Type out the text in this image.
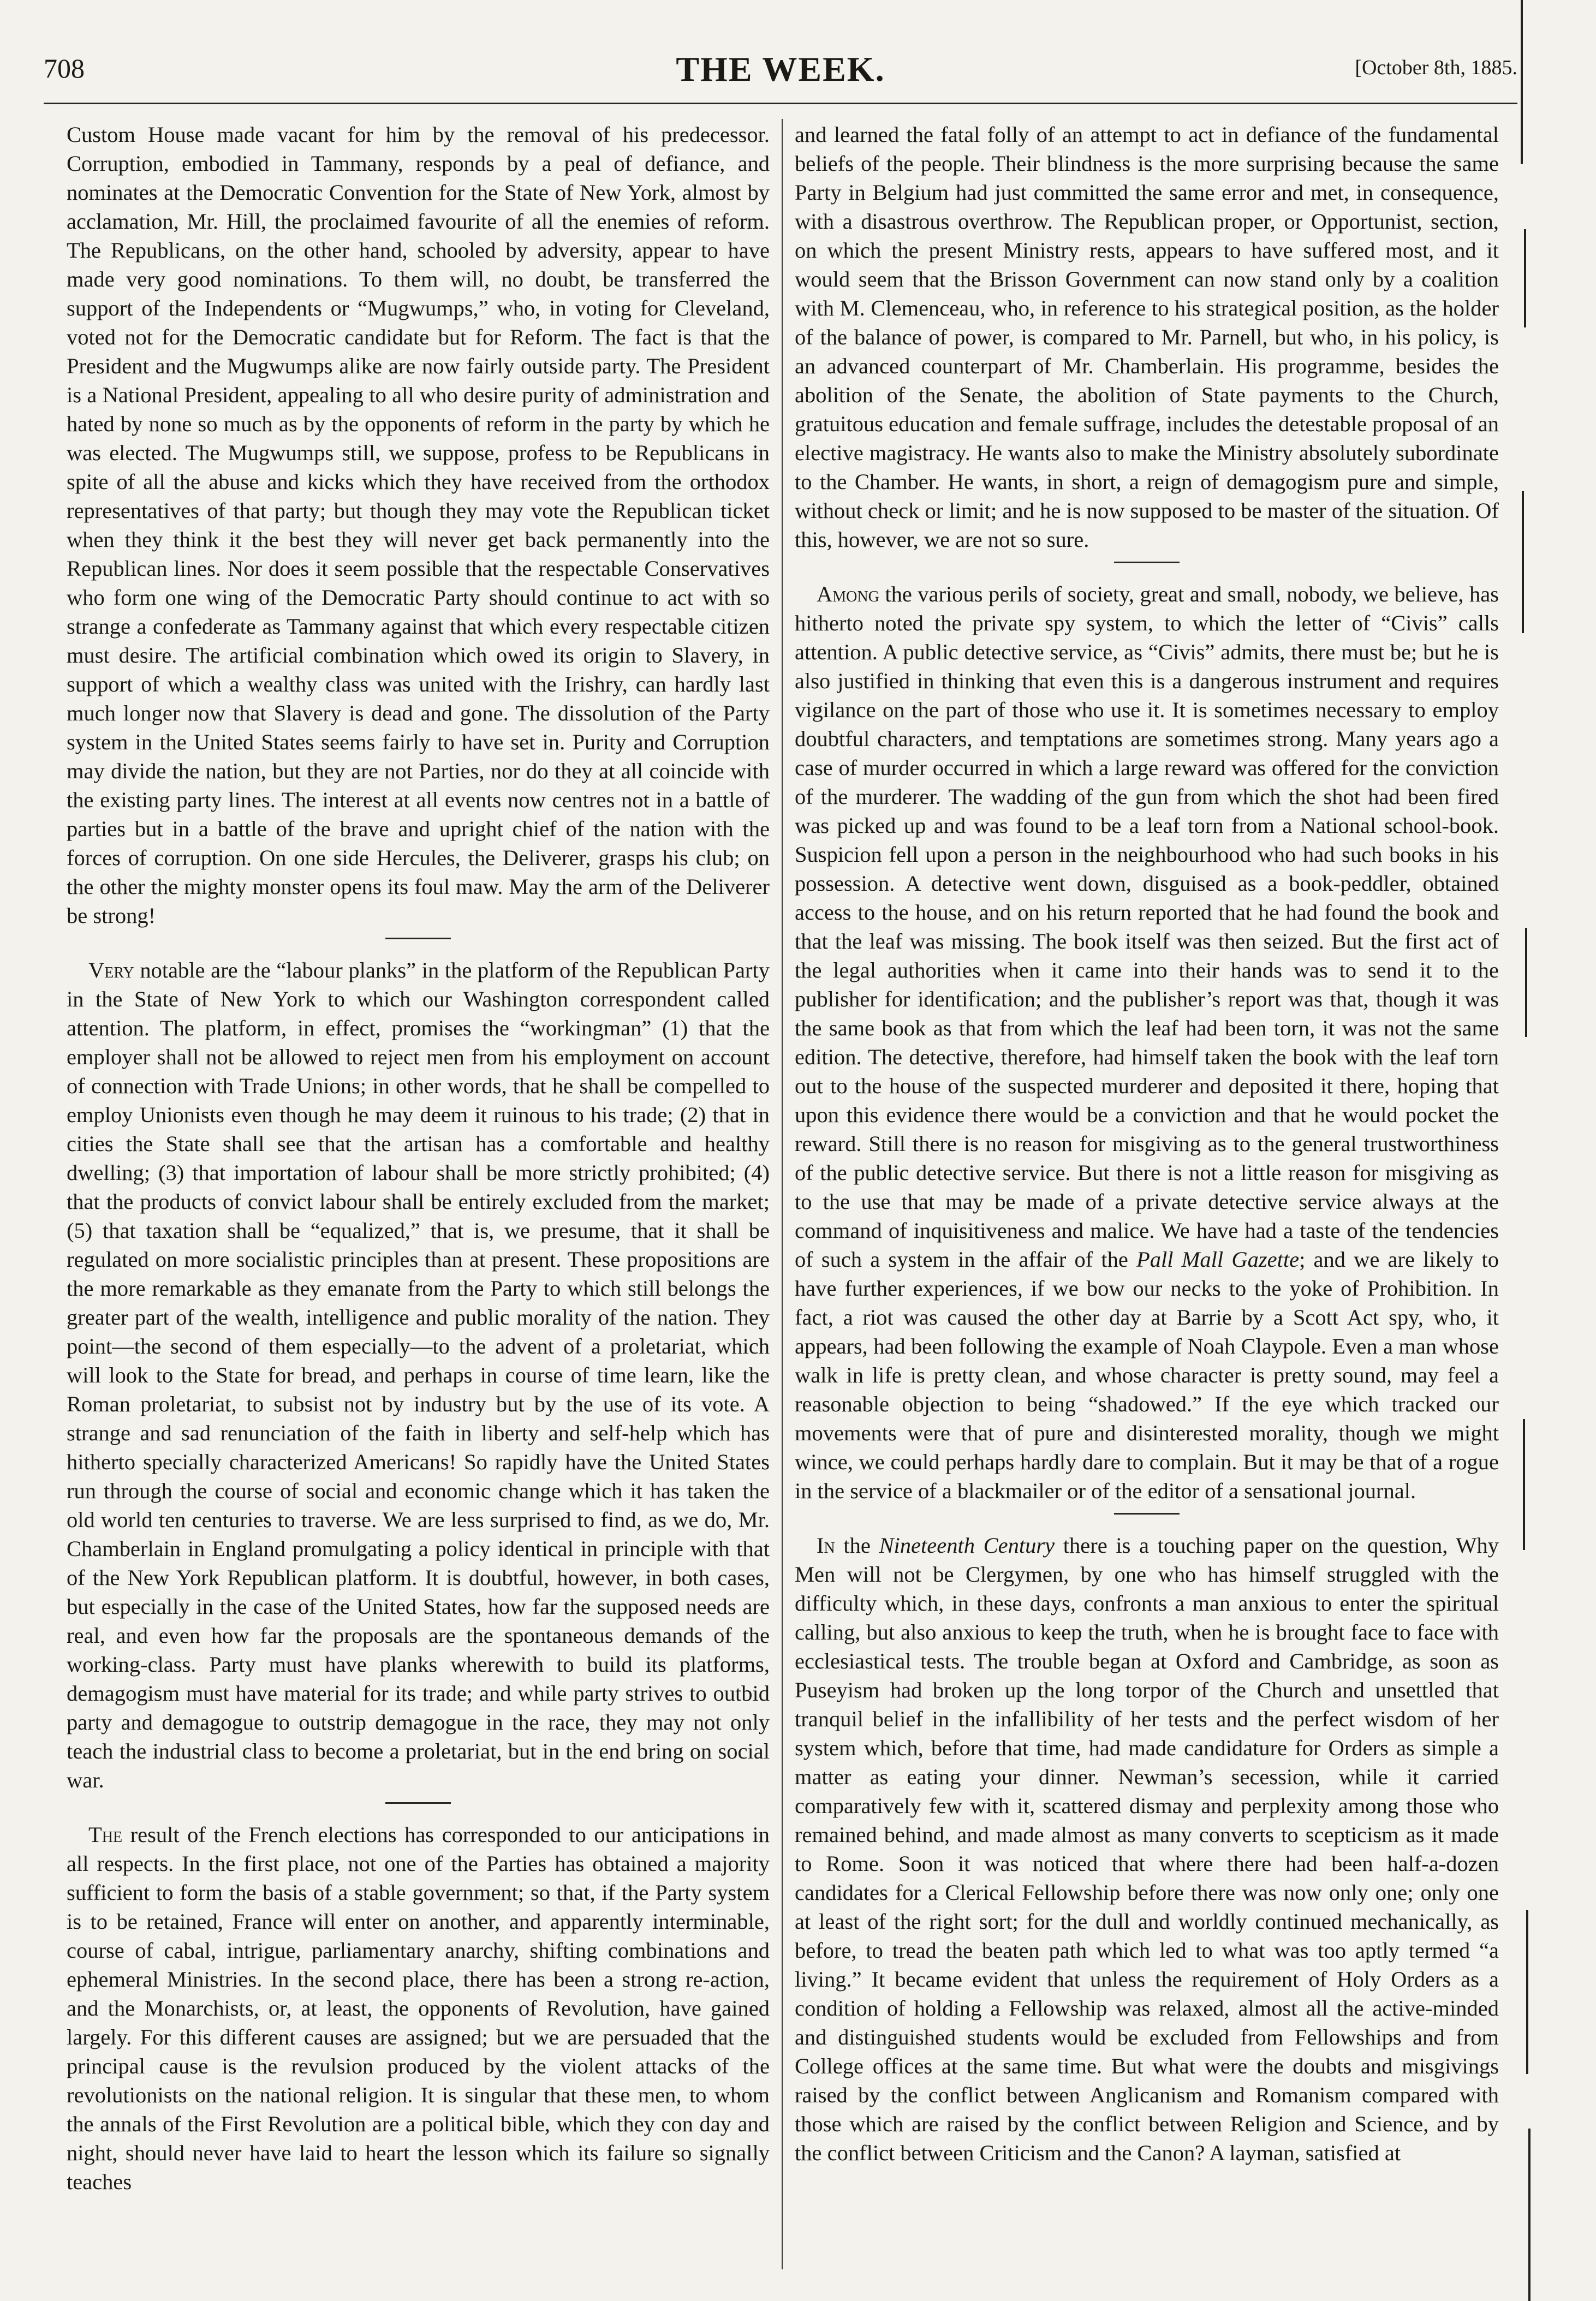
708	THE WEEK.	[October 8th, 1885.

Custom House made vacant for him by the removal of his predecessor. Corruption, embodied in Tammany, responds by a peal of defiance, and nominates at the Democratic Convention for the State of New York, almost by acclamation, Mr. Hill, the proclaimed favourite of all the enemies of reform. The Republicans, on the other hand, schooled by adversity, appear to have made very good nominations. To them will, no doubt, be transferred the support of the Independents or “Mugwumps,” who, in voting for Cleveland, voted not for the Democratic candidate but for Reform. The fact is that the President and the Mugwumps alike are now fairly outside party. The President is a National President, appealing to all who desire purity of administration and hated by none so much as by the opponents of reform in the party by which he was elected. The Mugwumps still, we suppose, profess to be Republicans in spite of all the abuse and kicks which they have received from the orthodox representatives of that party; but though they may vote the Republican ticket when they think it the best they will never get back permanently into the Republican lines. Nor does it seem possible that the respectable Conservatives who form one wing of the Democratic Party should continue to act with so strange a confederate as Tammany against that which every respectable citizen must desire. The artificial combination which owed its origin to Slavery, in support of which a wealthy class was united with the Irishry, can hardly last much longer now that Slavery is dead and gone. The dissolution of the Party system in the United States seems fairly to have set in. Purity and Corruption may divide the nation, but they are not Parties, nor do they at all coincide with the existing party lines. The interest at all events now centres not in a battle of parties but in a battle of the brave and upright chief of the nation with the forces of corruption. On one side Hercules, the Deliverer, grasps his club; on the other the mighty monster opens its foul maw. May the arm of the Deliverer be strong!

Very notable are the “labour planks” in the platform of the Republican Party in the State of New York to which our Washington correspondent called attention. The platform, in effect, promises the “workingman” (1) that the employer shall not be allowed to reject men from his employment on account of connection with Trade Unions; in other words, that he shall be compelled to employ Unionists even though he may deem it ruinous to his trade; (2) that in cities the State shall see that the artisan has a comfortable and healthy dwelling; (3) that importation of labour shall be more strictly prohibited; (4) that the products of convict labour shall be entirely excluded from the market; (5) that taxation shall be “equalized,” that is, we presume, that it shall be regulated on more socialistic principles than at present. These propositions are the more remarkable as they emanate from the Party to which still belongs the greater part of the wealth, intelligence and public morality of the nation. They point—the second of them especially—to the advent of a proletariat, which will look to the State for bread, and perhaps in course of time learn, like the Roman proletariat, to subsist not by industry but by the use of its vote. A strange and sad renunciation of the faith in liberty and self-help which has hitherto specially characterized Americans! So rapidly have the United States run through the course of social and economic change which it has taken the old world ten centuries to traverse. We are less surprised to find, as we do, Mr. Chamberlain in England promulgating a policy identical in principle with that of the New York Republican platform. It is doubtful, however, in both cases, but especially in the case of the United States, how far the supposed needs are real, and even how far the proposals are the spontaneous demands of the working-class. Party must have planks wherewith to build its platforms, demagogism must have material for its trade; and while party strives to outbid party and demagogue to outstrip demagogue in the race, they may not only teach the industrial class to become a proletariat, but in the end bring on social war.

The result of the French elections has corresponded to our anticipations in all respects. In the first place, not one of the Parties has obtained a majority sufficient to form the basis of a stable government; so that, if the Party system is to be retained, France will enter on another, and apparently interminable, course of cabal, intrigue, parliamentary anarchy, shifting combinations and ephemeral Ministries. In the second place, there has been a strong re-action, and the Monarchists, or, at least, the opponents of Revolution, have gained largely. For this different causes are assigned; but we are persuaded that the principal cause is the revulsion produced by the violent attacks of the revolutionists on the national religion. It is singular that these men, to whom the annals of the First Revolution are a political bible, which they con day and night, should never have laid to heart the lesson which its failure so signally teaches

and learned the fatal folly of an attempt to act in defiance of the fundamental beliefs of the people. Their blindness is the more surprising because the same Party in Belgium had just committed the same error and met, in consequence, with a disastrous overthrow. The Republican proper, or Opportunist, section, on which the present Ministry rests, appears to have suffered most, and it would seem that the Brisson Government can now stand only by a coalition with M. Clemenceau, who, in reference to his strategical position, as the holder of the balance of power, is compared to Mr. Parnell, but who, in his policy, is an advanced counterpart of Mr. Chamberlain. His programme, besides the abolition of the Senate, the abolition of State payments to the Church, gratuitous education and female suffrage, includes the detestable proposal of an elective magistracy. He wants also to make the Ministry absolutely subordinate to the Chamber. He wants, in short, a reign of demagogism pure and simple, without check or limit; and he is now supposed to be master of the situation. Of this, however, we are not so sure.

Among the various perils of society, great and small, nobody, we believe, has hitherto noted the private spy system, to which the letter of “Civis” calls attention. A public detective service, as “Civis” admits, there must be; but he is also justified in thinking that even this is a dangerous instrument and requires vigilance on the part of those who use it. It is sometimes necessary to employ doubtful characters, and temptations are sometimes strong. Many years ago a case of murder occurred in which a large reward was offered for the conviction of the murderer. The wadding of the gun from which the shot had been fired was picked up and was found to be a leaf torn from a National school-book. Suspicion fell upon a person in the neighbourhood who had such books in his possession. A detective went down, disguised as a book-peddler, obtained access to the house, and on his return reported that he had found the book and that the leaf was missing. The book itself was then seized. But the first act of the legal authorities when it came into their hands was to send it to the publisher for identification; and the publisher’s report was that, though it was the same book as that from which the leaf had been torn, it was not the same edition. The detective, therefore, had himself taken the book with the leaf torn out to the house of the suspected murderer and deposited it there, hoping that upon this evidence there would be a conviction and that he would pocket the reward. Still there is no reason for misgiving as to the general trustworthiness of the public detective service. But there is not a little reason for misgiving as to the use that may be made of a private detective service always at the command of inquisitiveness and malice. We have had a taste of the tendencies of such a system in the affair of the Pall Mall Gazette; and we are likely to have further experiences, if we bow our necks to the yoke of Prohibition. In fact, a riot was caused the other day at Barrie by a Scott Act spy, who, it appears, had been following the example of Noah Claypole. Even a man whose walk in life is pretty clean, and whose character is pretty sound, may feel a reasonable objection to being “shadowed.” If the eye which tracked our movements were that of pure and disinterested morality, though we might wince, we could perhaps hardly dare to complain. But it may be that of a rogue in the service of a blackmailer or of the editor of a sensational journal.

In the Nineteenth Century there is a touching paper on the question, Why Men will not be Clergymen, by one who has himself struggled with the difficulty which, in these days, confronts a man anxious to enter the spiritual calling, but also anxious to keep the truth, when he is brought face to face with ecclesiastical tests. The trouble began at Oxford and Cambridge, as soon as Puseyism had broken up the long torpor of the Church and unsettled that tranquil belief in the infallibility of her tests and the perfect wisdom of her system which, before that time, had made candidature for Orders as simple a matter as eating your dinner. Newman’s secession, while it carried comparatively few with it, scattered dismay and perplexity among those who remained behind, and made almost as many converts to scepticism as it made to Rome. Soon it was noticed that where there had been half-a-dozen candidates for a Clerical Fellowship before there was now only one; only one at least of the right sort; for the dull and worldly continued mechanically, as before, to tread the beaten path which led to what was too aptly termed “a living.” It became evident that unless the requirement of Holy Orders as a condition of holding a Fellowship was relaxed, almost all the active-minded and distinguished students would be excluded from Fellowships and from College offices at the same time. But what were the doubts and misgivings raised by the conflict between Anglicanism and Romanism compared with those which are raised by the conflict between Religion and Science, and by the conflict between Criticism and the Canon? A layman, satisfied at
